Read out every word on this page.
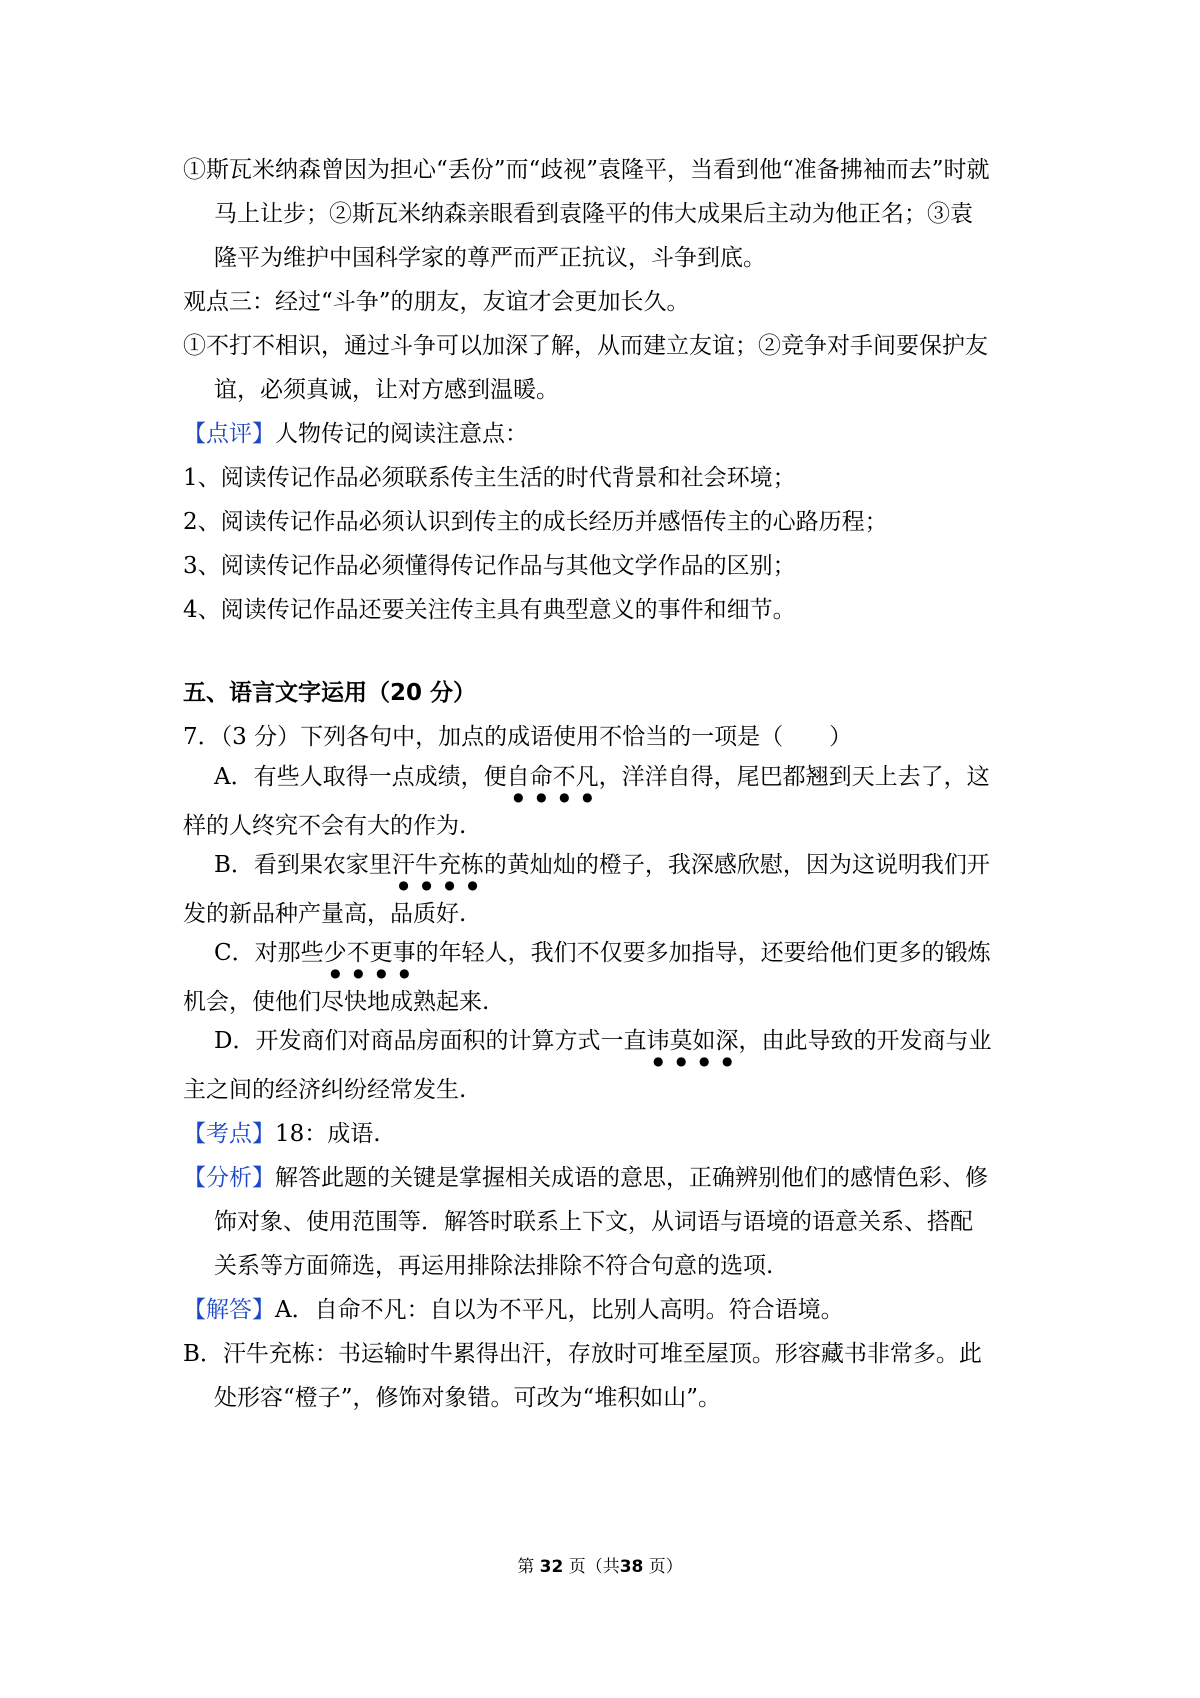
①斯瓦米纳森曾因为担心“丢份”而“歧视”袁隆平，当看到他“准备拂袖而去”时就
马上让步；②斯瓦米纳森亲眼看到袁隆平的伟大成果后主动为他正名；③袁
隆平为维护中国科学家的尊严而严正抗议，斗争到底。
观点三：经过“斗争”的朋友，友谊才会更加长久。
①不打不相识，通过斗争可以加深了解，从而建立友谊；②竞争对手间要保护友
谊，必须真诚，让对方感到温暖。
【点评】人物传记的阅读注意点：
1、阅读传记作品必须联系传主生活的时代背景和社会环境；
2、阅读传记作品必须认识到传主的成长经历并感悟传主的心路历程；
3、阅读传记作品必须懂得传记作品与其他文学作品的区别；
4、阅读传记作品还要关注传主具有典型意义的事件和细节。
五、语言文字运用（20 分）
7．（3 分）下列各句中，加点的成语使用不恰当的一项是（　　）
A．有些人取得一点成绩，便自命不凡，洋洋自得，尾巴都翘到天上去了，这
样的人终究不会有大的作为.
B．看到果农家里汗牛充栋的黄灿灿的橙子，我深感欣慰，因为这说明我们开
发的新品种产量高，品质好.
C．对那些少不更事的年轻人，我们不仅要多加指导，还要给他们更多的锻炼
机会，使他们尽快地成熟起来.
D．开发商们对商品房面积的计算方式一直讳莫如深，由此导致的开发商与业
主之间的经济纠纷经常发生.
【考点】18：成语.
【分析】解答此题的关键是掌握相关成语的意思，正确辨别他们的感情色彩、修
饰对象、使用范围等．解答时联系上下文，从词语与语境的语意关系、搭配
关系等方面筛选，再运用排除法排除不符合句意的选项.
【解答】A．自命不凡：自以为不平凡，比别人高明。符合语境。
B．汗牛充栋：书运输时牛累得出汗，存放时可堆至屋顶。形容藏书非常多。此
处形容“橙子”，修饰对象错。可改为“堆积如山”。
第 32 页（共38 页）
